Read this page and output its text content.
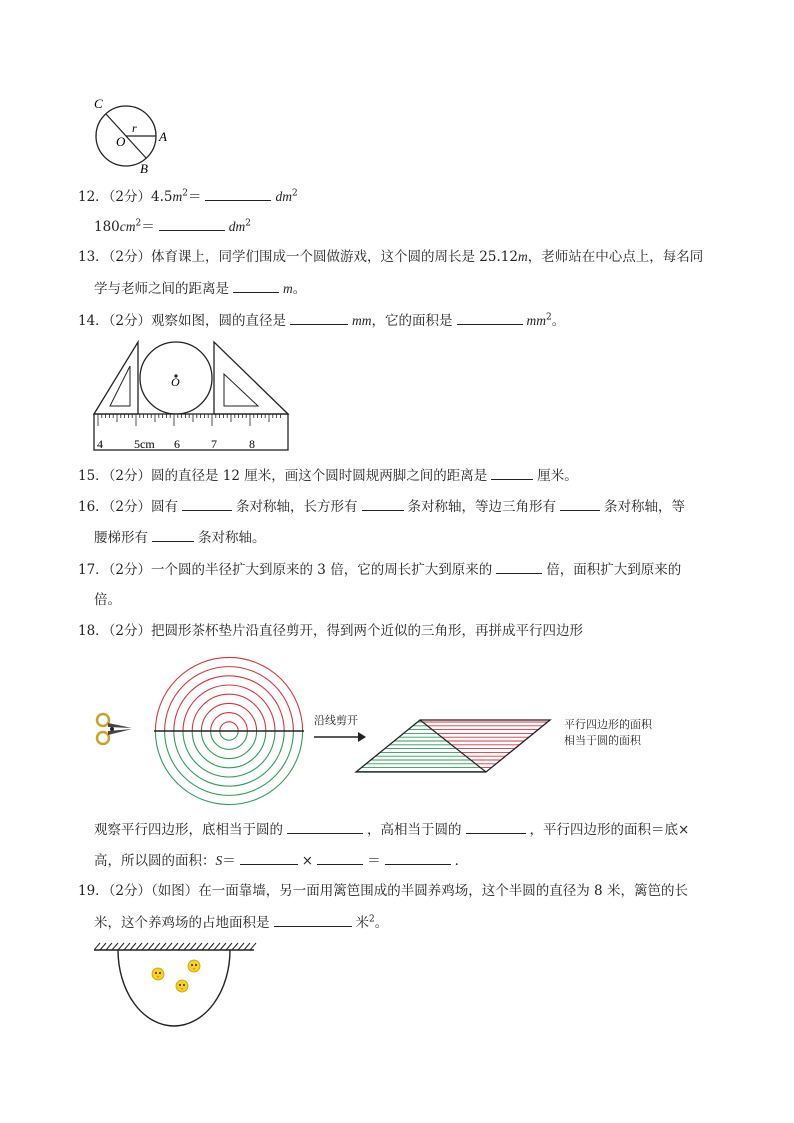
C
r
O	A
B
12．（2分）$4.5m^2=$	$dm^2$
$180cm^2=$	$dm^2$
13．（2分）体育课上，同学们围成一个圆做游戏，这个圆的周长是 25.12m，老师站在中心点上，每名同
学与老师之间的距离是	m。
14．（2分）观察如图，圆的直径是	mm，它的面积是	$mm^2$。
O
4	5cm 6	7	8
15．（2分）圆的直径是 12 厘米，画这个圆时圆规两脚之间的距离是	厘米。
16．（2分）圆有	条对称轴，长方形有	条对称轴，等边三角形有	条对称轴，等
腰梯形有	条对称轴。
17．（2分）一个圆的半径扩大到原来的 3 倍，它的周长扩大到原来的	倍，面积扩大到原来的
倍。
18．（2分）把圆形茶杯垫片沿直径剪开，得到两个近似的三角形，再拼成平行四边形
沿线剪开	平行四边形的面积
相当于圆的面积
观察平行四边形，底相当于圆的	，高相当于圆的	，平行四边形的面积＝底×
高，所以圆的面积：S＝	×	＝	．
19．（2分）（如图）在一面靠墙，另一面用篱笆围成的半圆养鸡场，这个半圆的直径为 8 米，篱笆的长
米，这个养鸡场的占地面积是	米$^2$。
